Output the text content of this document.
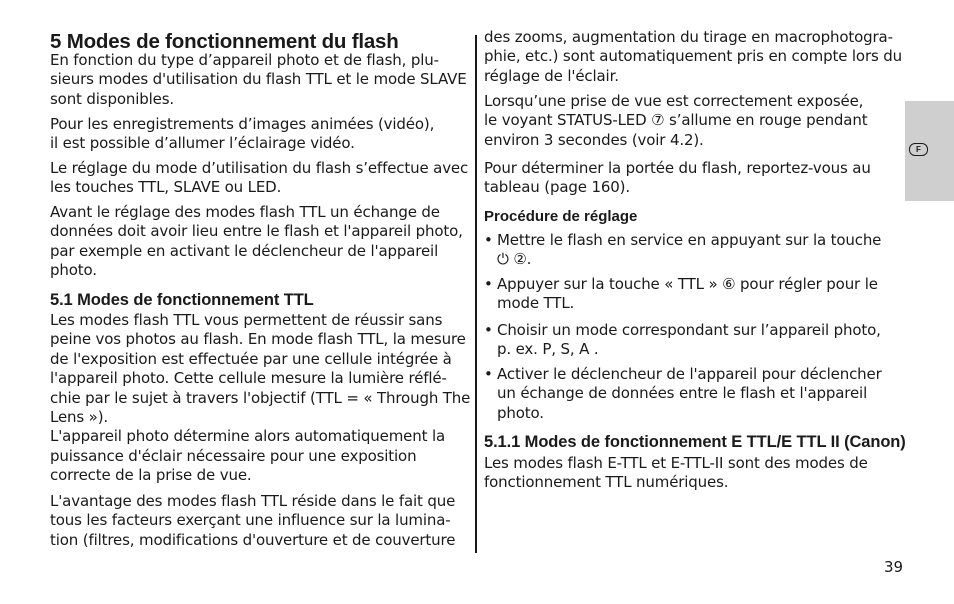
5 Modes de fonctionnement du flash
En fonction du type d’appareil photo et de flash, plu-
sieurs modes d'utilisation du flash TTL et le mode SLAVE
sont disponibles.
Pour les enregistrements d’images animées (vidéo),
il est possible d’allumer l’éclairage vidéo.
Le réglage du mode d’utilisation du flash s’effectue avec
les touches TTL, SLAVE ou LED.
Avant le réglage des modes flash TTL un échange de
données doit avoir lieu entre le flash et l'appareil photo,
par exemple en activant le déclencheur de l'appareil
photo.
5.1 Modes de fonctionnement TTL
Les modes flash TTL vous permettent de réussir sans
peine vos photos au flash. En mode flash TTL, la mesure
de l'exposition est effectuée par une cellule intégrée à
l'appareil photo. Cette cellule mesure la lumière réflé-
chie par le sujet à travers l'objectif (TTL = « Through The
Lens »).
L'appareil photo détermine alors automatiquement la
puissance d'éclair nécessaire pour une exposition
correcte de la prise de vue.
L'avantage des modes flash TTL réside dans le fait que
tous les facteurs exerçant une influence sur la lumina-
tion (filtres, modifications d'ouverture et de couverture
des zooms, augmentation du tirage en macrophotogra-
phie, etc.) sont automatiquement pris en compte lors du
réglage de l'éclair.
Lorsqu’une prise de vue est correctement exposée,
le voyant STATUS-LED ⑦ s’allume en rouge pendant
environ 3 secondes (voir 4.2).
Pour déterminer la portée du flash, reportez-vous au
tableau (page 160).
Procédure de réglage
• Mettre le flash en service en appuyant sur la touche
⏻ ②.
• Appuyer sur la touche « TTL » ⑥ pour régler pour le
mode TTL.
• Choisir un mode correspondant sur l’appareil photo,
p. ex. P, S, A .
• Activer le déclencheur de l'appareil pour déclencher
un échange de données entre le flash et l'appareil
photo.
5.1.1 Modes de fonctionnement E TTL/E TTL II (Canon)
Les modes flash E-TTL et E-TTL-II sont des modes de
fonctionnement TTL numériques.
F
39
